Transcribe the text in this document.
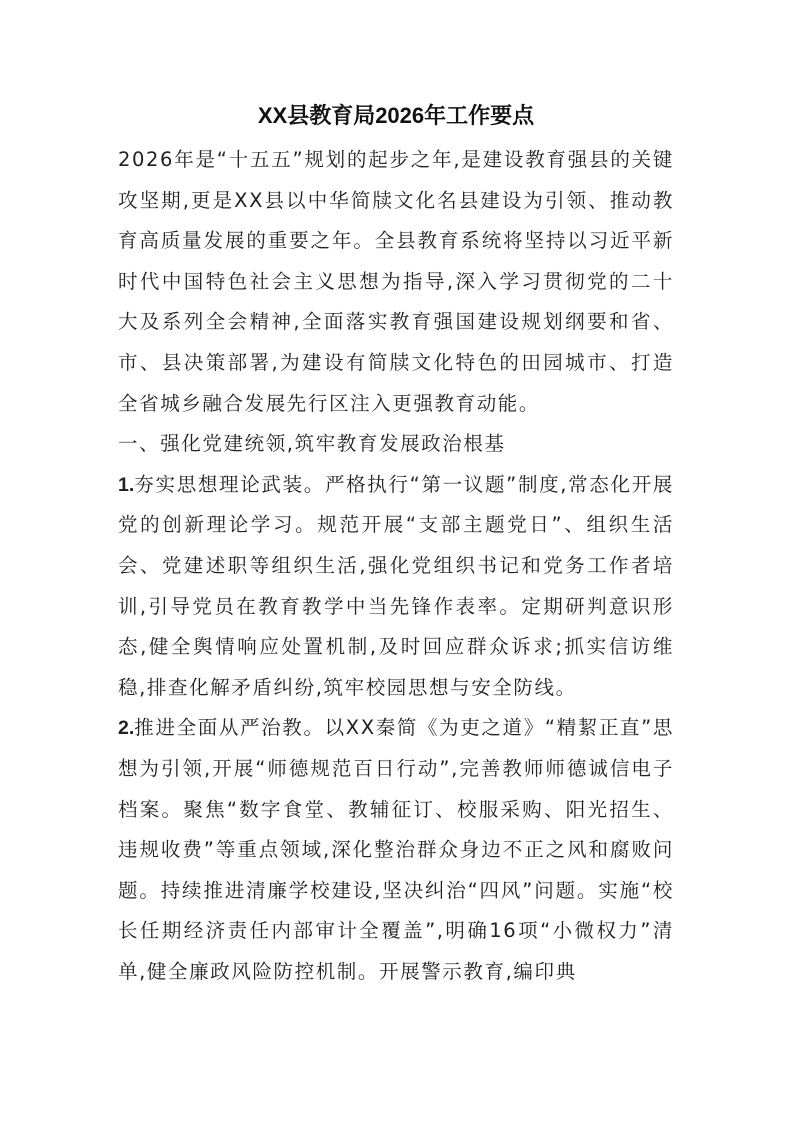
XX县教育局2026年工作要点

2026年是“十五五”规划的起步之年,是建设教育强县的关键攻坚期,更是XX县以中华简牍文化名县建设为引领、推动教育高质量发展的重要之年。全县教育系统将坚持以习近平新时代中国特色社会主义思想为指导,深入学习贯彻党的二十大及系列全会精神,全面落实教育强国建设规划纲要和省、市、县决策部署,为建设有简牍文化特色的田园城市、打造全省城乡融合发展先行区注入更强教育动能。

一、强化党建统领,筑牢教育发展政治根基

1.夯实思想理论武装。严格执行“第一议题”制度,常态化开展党的创新理论学习。规范开展“支部主题党日”、组织生活会、党建述职等组织生活,强化党组织书记和党务工作者培训,引导党员在教育教学中当先锋作表率。定期研判意识形态,健全舆情响应处置机制,及时回应群众诉求;抓实信访维稳,排查化解矛盾纠纷,筑牢校园思想与安全防线。

2.推进全面从严治教。以XX秦简《为吏之道》“精絜正直”思想为引领,开展“师德规范百日行动”,完善教师师德诚信电子档案。聚焦“数字食堂、教辅征订、校服采购、阳光招生、违规收费”等重点领域,深化整治群众身边不正之风和腐败问题。持续推进清廉学校建设,坚决纠治“四风”问题。实施“校长任期经济责任内部审计全覆盖”,明确16项“小微权力”清单,健全廉政风险防控机制。开展警示教育,编印典
